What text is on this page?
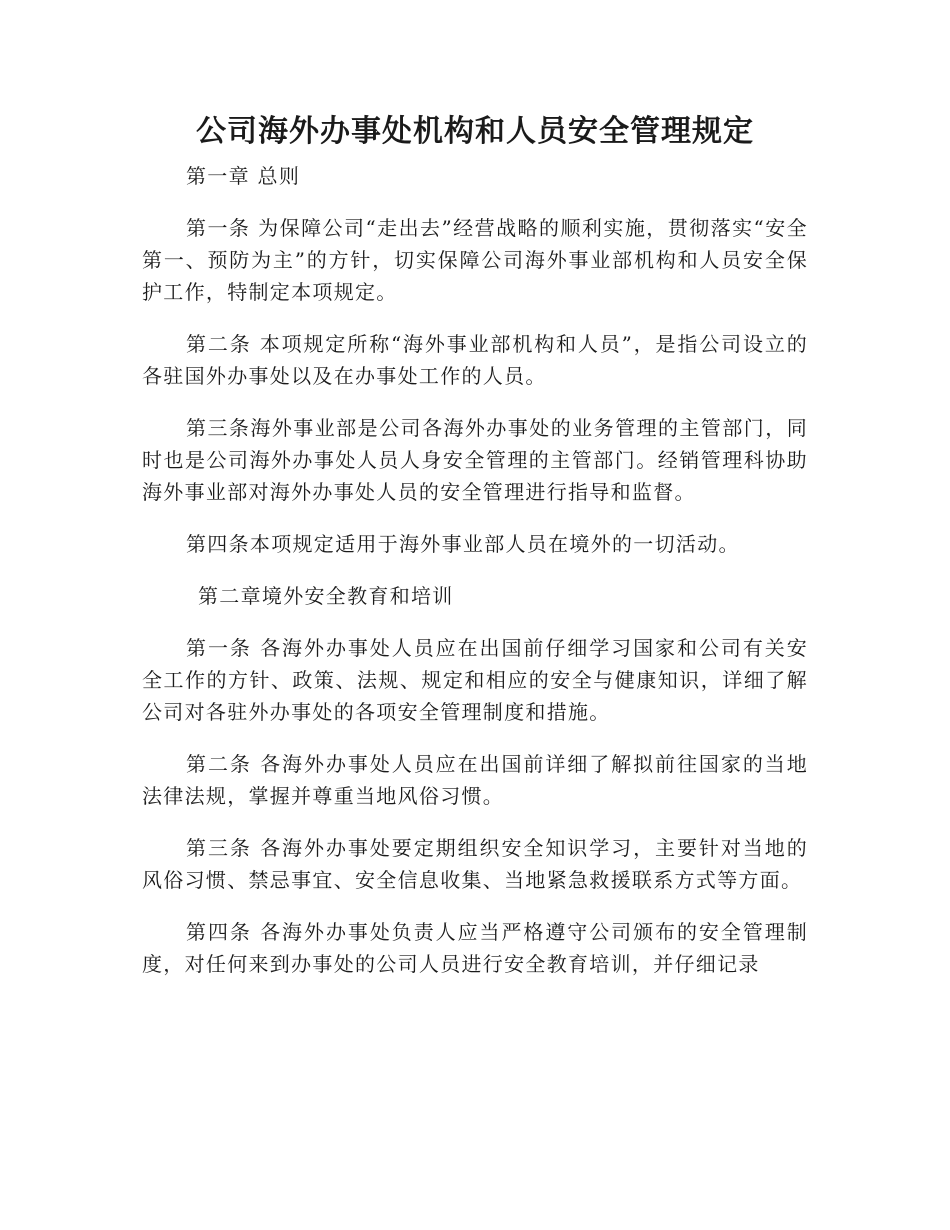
公司海外办事处机构和人员安全管理规定

第一章 总则

第一条 为保障公司“走出去”经营战略的顺利实施，贯彻落实“安全第一、预防为主”的方针，切实保障公司海外事业部机构和人员安全保护工作，特制定本项规定。

第二条 本项规定所称“海外事业部机构和人员”，是指公司设立的各驻国外办事处以及在办事处工作的人员。

第三条海外事业部是公司各海外办事处的业务管理的主管部门，同时也是公司海外办事处人员人身安全管理的主管部门。经销管理科协助海外事业部对海外办事处人员的安全管理进行指导和监督。

第四条本项规定适用于海外事业部人员在境外的一切活动。

第二章境外安全教育和培训

第一条 各海外办事处人员应在出国前仔细学习国家和公司有关安全工作的方针、政策、法规、规定和相应的安全与健康知识，详细了解公司对各驻外办事处的各项安全管理制度和措施。

第二条 各海外办事处人员应在出国前详细了解拟前往国家的当地法律法规，掌握并尊重当地风俗习惯。

第三条 各海外办事处要定期组织安全知识学习，主要针对当地的风俗习惯、禁忌事宜、安全信息收集、当地紧急救援联系方式等方面。

第四条 各海外办事处负责人应当严格遵守公司颁布的安全管理制度，对任何来到办事处的公司人员进行安全教育培训，并仔细记录
